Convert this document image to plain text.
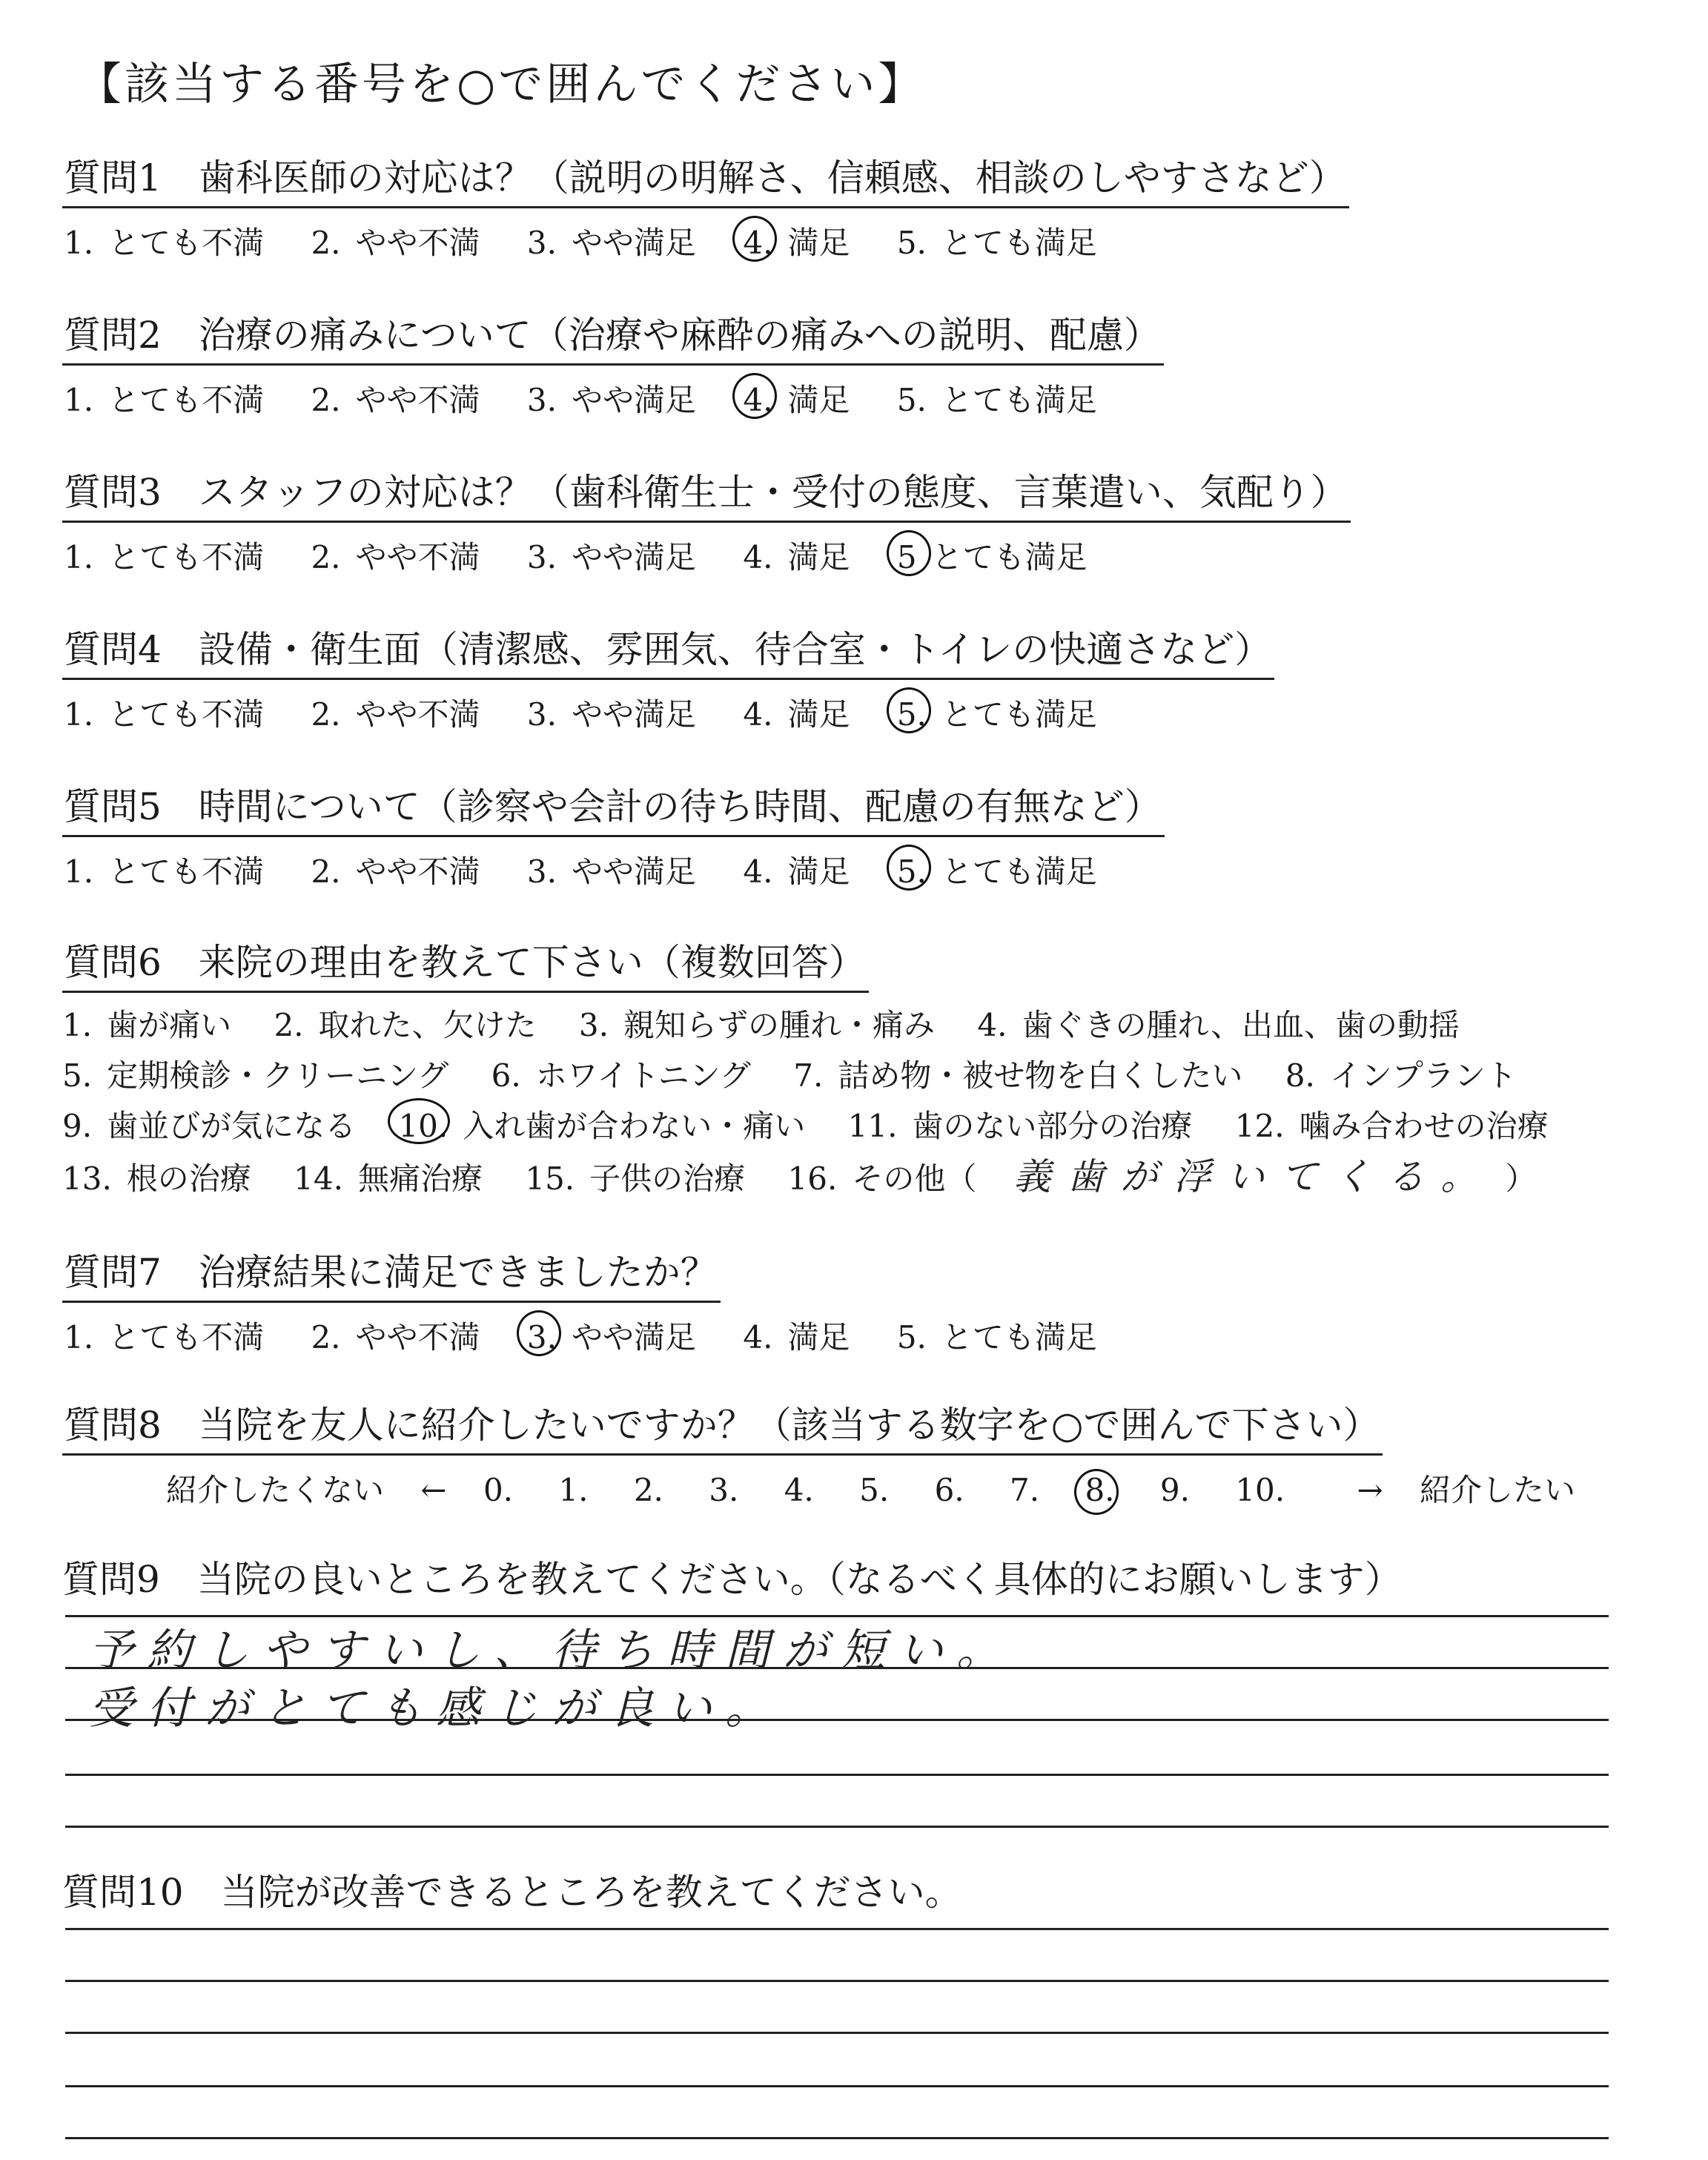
【該当する番号を○で囲んでください】
質問1　歯科医師の対応は？（説明の明解さ、信頼感、相談のしやすさなど）
1. とても不満 2. やや不満 3. やや満足 4. 満足 5. とても満足
質問2　治療の痛みについて（治療や麻酔の痛みへの説明、配慮）
1. とても不満 2. やや不満 3. やや満足 4. 満足 5. とても満足
質問3　スタッフの対応は？（歯科衛生士・受付の態度、言葉遣い、気配り）
1. とても不満 2. やや不満 3. やや満足 4. 満足 5 とても満足
質問4　設備・衛生面（清潔感、雰囲気、待合室・トイレの快適さなど）
1. とても不満 2. やや不満 3. やや満足 4. 満足 5. とても満足
質問5　時間について（診察や会計の待ち時間、配慮の有無など）
1. とても不満 2. やや不満 3. やや満足 4. 満足 5. とても満足
質問6　来院の理由を教えて下さい（複数回答）
1. 歯が痛い 2. 取れた、欠けた 3. 親知らずの腫れ・痛み 4. 歯ぐきの腫れ、出血、歯の動揺
5. 定期検診・クリーニング 6. ホワイトニング 7. 詰め物・被せ物を白くしたい 8. インプラント
9. 歯並びが気になる 10. 入れ歯が合わない・痛い 11. 歯のない部分の治療 12. 噛み合わせの治療
13. 根の治療 14. 無痛治療 15. 子供の治療 16. その他（ 義歯が浮いてくる。 ）
質問7　治療結果に満足できましたか？
1. とても不満 2. やや不満 3. やや満足 4. 満足 5. とても満足
質問8　当院を友人に紹介したいですか？（該当する数字を○で囲んで下さい）
紹介したくない ← 0. 1. 2. 3. 4. 5. 6. 7. 8. 9. 10. → 紹介したい
質問9　当院の良いところを教えてください。（なるべく具体的にお願いします）
予約しやすいし、待ち時間が短い。
受付がとても感じが良い。
質問10　当院が改善できるところを教えてください。
